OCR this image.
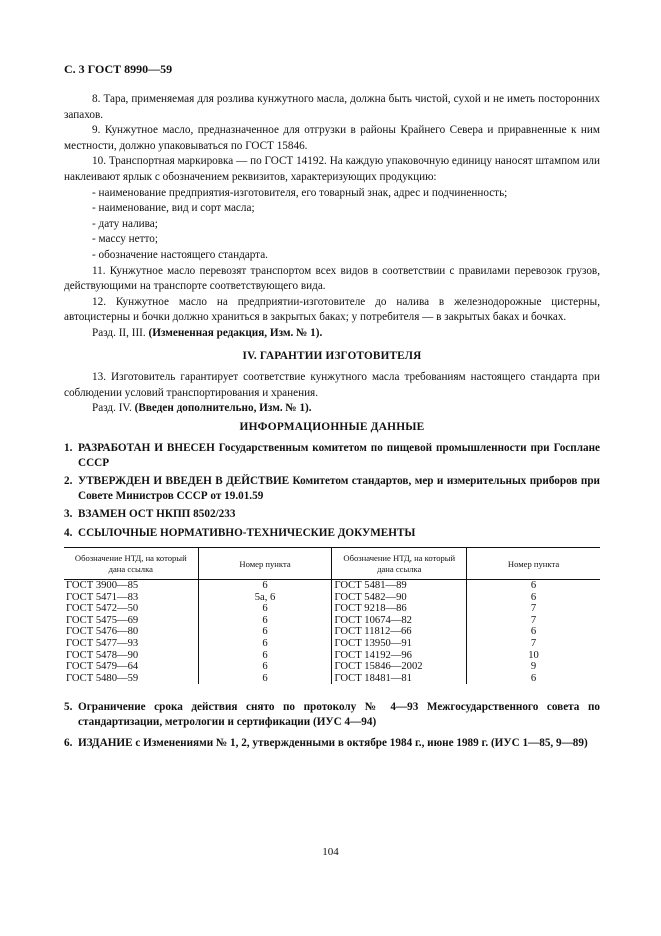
С. 3 ГОСТ 8990—59

8. Тара, применяемая для розлива кунжутного масла, должна быть чистой, сухой и не иметь посторонних запахов.

9. Кунжутное масло, предназначенное для отгрузки в районы Крайнего Севера и приравненные к ним местности, должно упаковываться по ГОСТ 15846.

10. Транспортная маркировка — по ГОСТ 14192. На каждую упаковочную единицу наносят штампом или наклеивают ярлык с обозначением реквизитов, характеризующих продукцию:

- наименование предприятия-изготовителя, его товарный знак, адрес и подчиненность;

- наименование, вид и сорт масла;

- дату налива;

- массу нетто;

- обозначение настоящего стандарта.

11. Кунжутное масло перевозят транспортом всех видов в соответствии с правилами перевозок грузов, действующими на транспорте соответствующего вида.

12. Кунжутное масло на предприятии-изготовителе до налива в железнодорожные цистерны, автоцистерны и бочки должно храниться в закрытых баках; у потребителя — в закрытых баках и бочках.

Разд. II, III. (Измененная редакция, Изм. № 1).

IV. ГАРАНТИИ ИЗГОТОВИТЕЛЯ

13. Изготовитель гарантирует соответствие кунжутного масла требованиям настоящего стандарта при соблюдении условий транспортирования и хранения.

Разд. IV. (Введен дополнительно, Изм. № 1).

ИНФОРМАЦИОННЫЕ ДАННЫЕ
1. РАЗРАБОТАН И ВНЕСЕН Государственным комитетом по пищевой промышленности при Госплане СССР
2. УТВЕРЖДЕН И ВВЕДЕН В ДЕЙСТВИЕ Комитетом стандартов, мер и измерительных приборов при Совете Министров СССР от 19.01.59
3. ВЗАМЕН ОСТ НКПП 8502/233
4. ССЫЛОЧНЫЕ НОРМАТИВНО-ТЕХНИЧЕСКИЕ ДОКУМЕНТЫ
Обозначение НТД, на который дана ссылка	Номер пункта	Обозначение НТД, на который дана ссылка	Номер пункта
ГОСТ 3900—85	6	ГОСТ 5481—89	6
ГОСТ 5471—83	5а, 6	ГОСТ 5482—90	6
ГОСТ 5472—50	6	ГОСТ 9218—86	7
ГОСТ 5475—69	6	ГОСТ 10674—82	7
ГОСТ 5476—80	6	ГОСТ 11812—66	6
ГОСТ 5477—93	6	ГОСТ 13950—91	7
ГОСТ 5478—90	6	ГОСТ 14192—96	10
ГОСТ 5479—64	6	ГОСТ 15846—2002	9
ГОСТ 5480—59	6	ГОСТ 18481—81	6
5. Ограничение срока действия снято по протоколу № 4—93 Межгосударственного совета по стандартизации, метрологии и сертификации (ИУС 4—94)
6. ИЗДАНИЕ с Изменениями № 1, 2, утвержденными в октябре 1984 г., июне 1989 г. (ИУС 1—85, 9—89)
104
